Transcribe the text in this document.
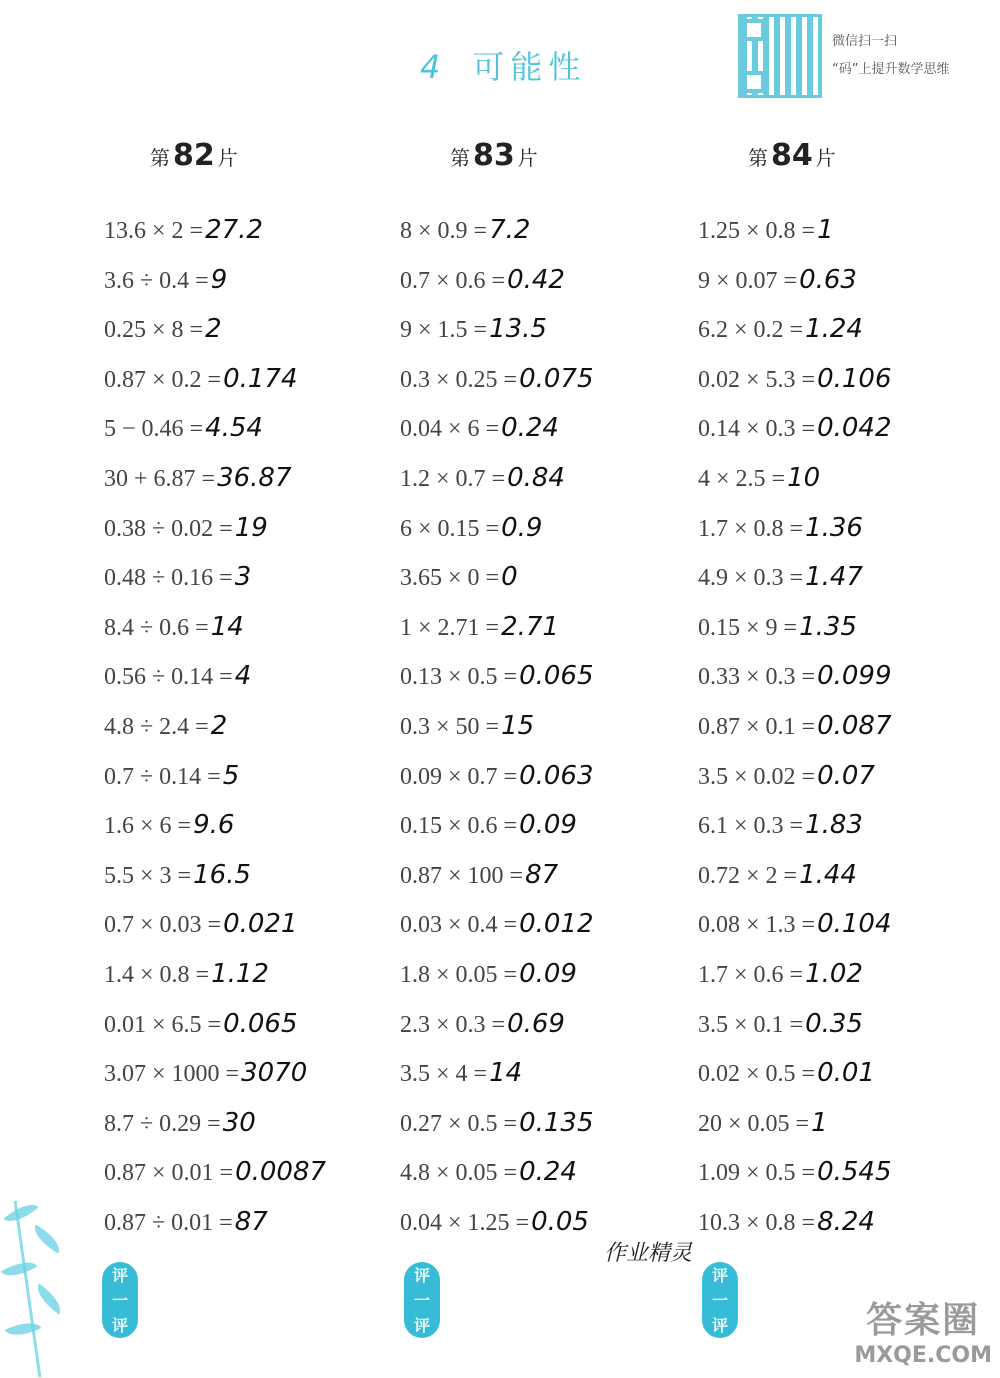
4 可能性
微信扫一扫
“码”上提升数学思维
第 82 片	第 83 片	第 84 片
13.6 × 2 =27.2
3.6 ÷ 0.4 =9
0.25 × 8 =2
0.87 × 0.2 =0.174
5 − 0.46 =4.54
30 + 6.87 =36.87
0.38 ÷ 0.02 =19
0.48 ÷ 0.16 =3
8.4 ÷ 0.6 =14
0.56 ÷ 0.14 =4
4.8 ÷ 2.4 =2
0.7 ÷ 0.14 =5
1.6 × 6 =9.6
5.5 × 3 =16.5
0.7 × 0.03 =0.021
1.4 × 0.8 =1.12
0.01 × 6.5 =0.065
3.07 × 1000 =3070
8.7 ÷ 0.29 =30
0.87 × 0.01 =0.0087
0.87 ÷ 0.01 =87
8 × 0.9 =7.2
0.7 × 0.6 =0.42
9 × 1.5 =13.5
0.3 × 0.25 =0.075
0.04 × 6 =0.24
1.2 × 0.7 =0.84
6 × 0.15 =0.9
3.65 × 0 =0
1 × 2.71 =2.71
0.13 × 0.5 =0.065
0.3 × 50 =15
0.09 × 0.7 =0.063
0.15 × 0.6 =0.09
0.87 × 100 =87
0.03 × 0.4 =0.012
1.8 × 0.05 =0.09
2.3 × 0.3 =0.69
3.5 × 4 =14
0.27 × 0.5 =0.135
4.8 × 0.05 =0.24
0.04 × 1.25 =0.05
1.25 × 0.8 =1
9 × 0.07 =0.63
6.2 × 0.2 =1.24
0.02 × 5.3 =0.106
0.14 × 0.3 =0.042
4 × 2.5 =10
1.7 × 0.8 =1.36
4.9 × 0.3 =1.47
0.15 × 9 =1.35
0.33 × 0.3 =0.099
0.87 × 0.1 =0.087
3.5 × 0.02 =0.07
6.1 × 0.3 =1.83
0.72 × 2 =1.44
0.08 × 1.3 =0.104
1.7 × 0.6 =1.02
3.5 × 0.1 =0.35
0.02 × 0.5 =0.01
20 × 0.05 =1
1.09 × 0.5 =0.545
10.3 × 0.8 =8.24
作业精灵
评
一
评
评
一
评
评
一
评	答案圈
MXQE.COM
